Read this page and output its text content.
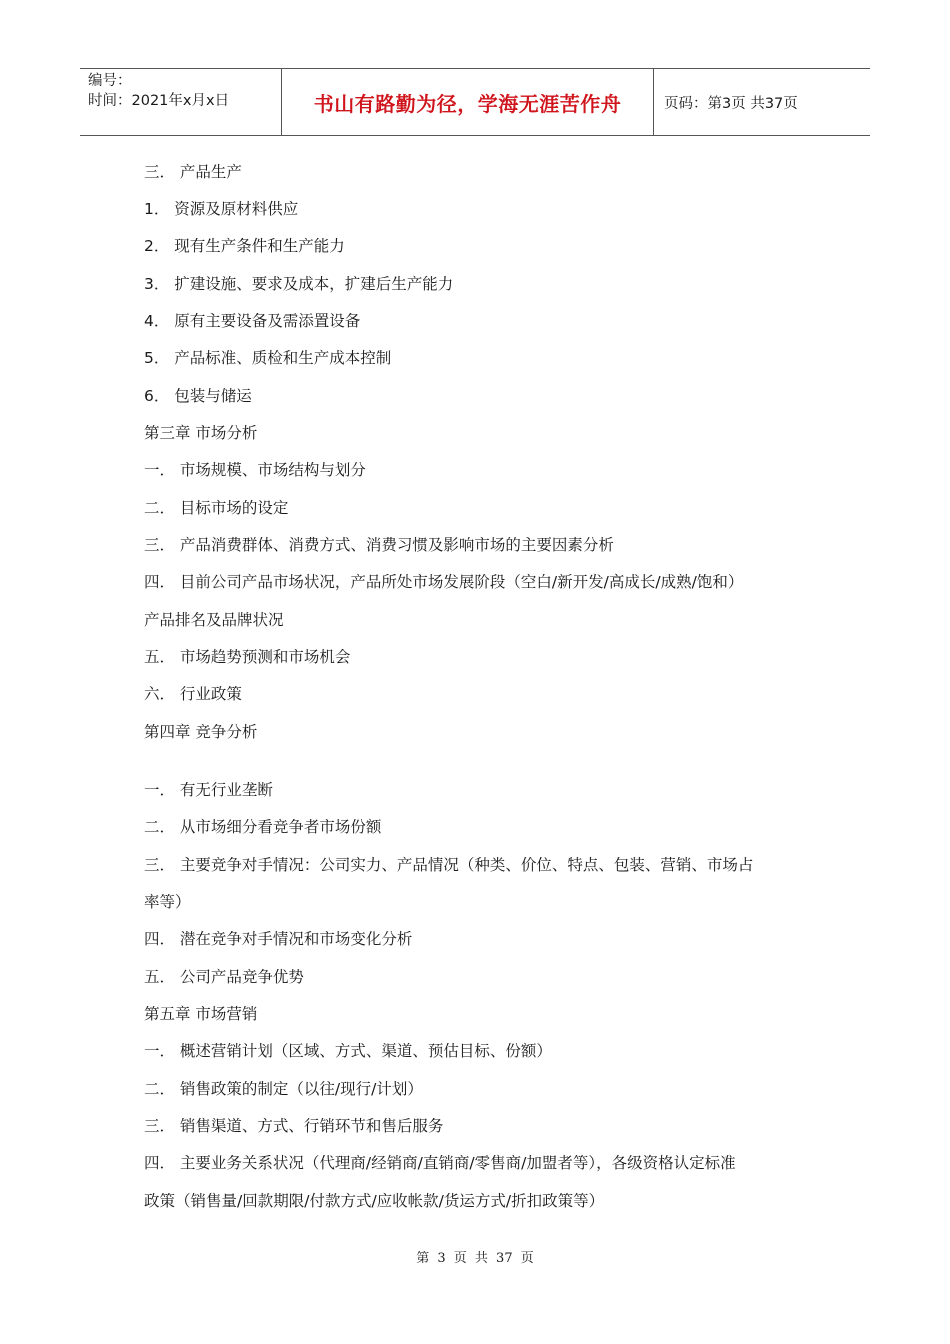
编号：
时间：2021年x月x日	书山有路勤为径，学海无涯苦作舟	页码：第3页 共37页
三． 产品生产
1． 资源及原材料供应
2． 现有生产条件和生产能力
3． 扩建设施、要求及成本，扩建后生产能力
4． 原有主要设备及需添置设备
5． 产品标准、质检和生产成本控制
6． 包装与储运
第三章 市场分析
一． 市场规模、市场结构与划分
二． 目标市场的设定
三． 产品消费群体、消费方式、消费习惯及影响市场的主要因素分析
四． 目前公司产品市场状况，产品所处市场发展阶段（空白/新开发/高成长/成熟/饱和）
产品排名及品牌状况
五． 市场趋势预测和市场机会
六． 行业政策
第四章 竞争分析
一． 有无行业垄断
二． 从市场细分看竞争者市场份额
三． 主要竞争对手情况：公司实力、产品情况（种类、价位、特点、包装、营销、市场占
率等）
四． 潜在竞争对手情况和市场变化分析
五． 公司产品竞争优势
第五章 市场营销
一． 概述营销计划（区域、方式、渠道、预估目标、份额）
二． 销售政策的制定（以往/现行/计划）
三． 销售渠道、方式、行销环节和售后服务
四． 主要业务关系状况（代理商/经销商/直销商/零售商/加盟者等），各级资格认定标准
政策（销售量/回款期限/付款方式/应收帐款/货运方式/折扣政策等）
第 3 页 共 37 页
